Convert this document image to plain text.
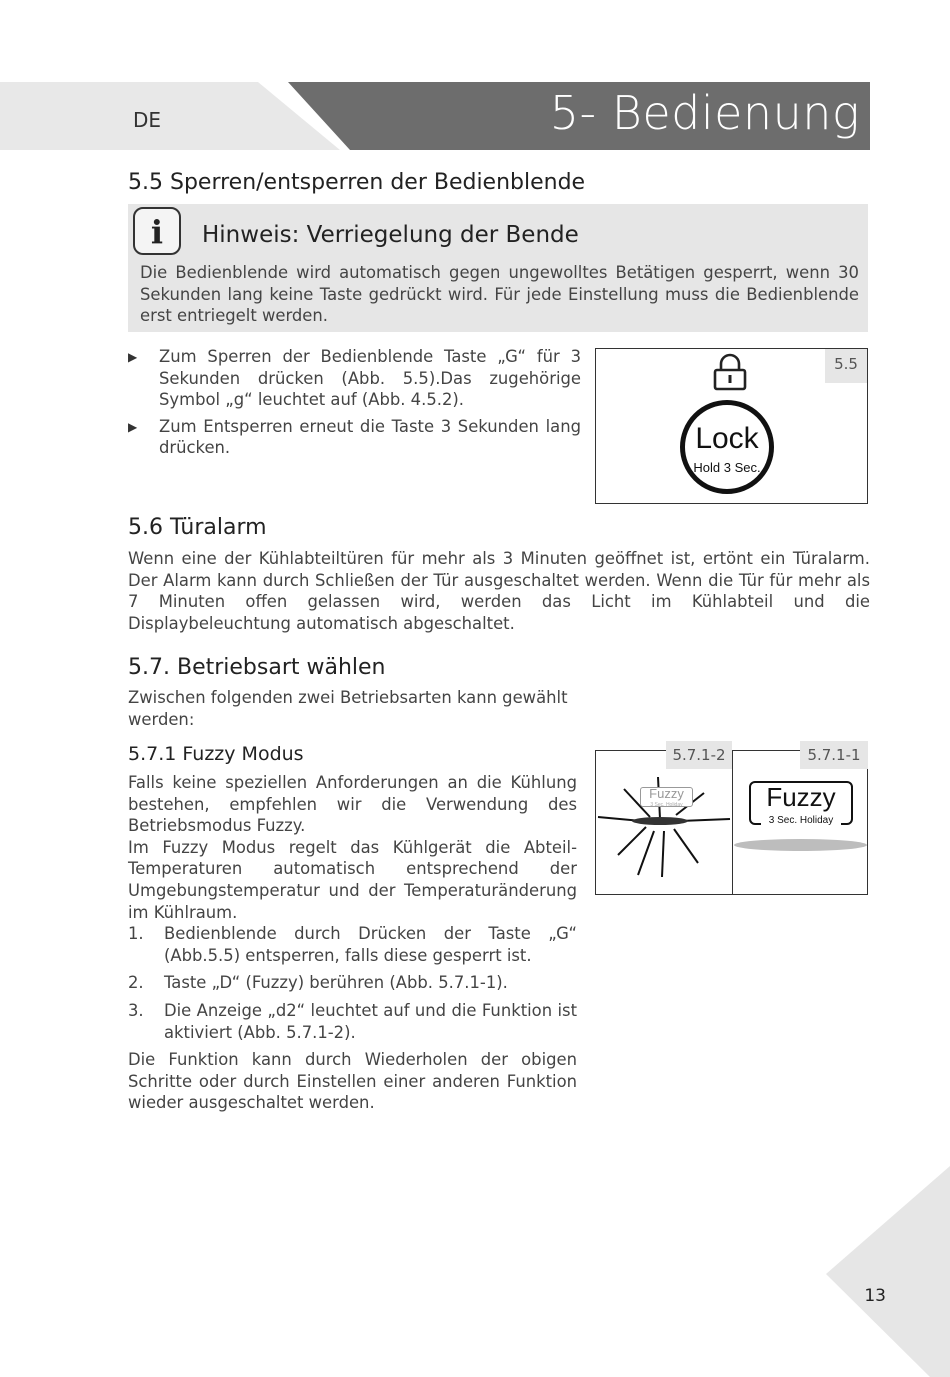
DE	5- Bedienung
5.5 Sperren/entsperren der Bedienblende
i	Hinweis: Verriegelung der Bende
Die Bedienblende wird automatisch gegen ungewolltes Betätigen gesperrt, wenn 30 Sekunden lang keine Taste gedrückt wird. Für jede Einstellung muss die Bedienblende erst entriegelt werden.
▶ Zum Sperren der Bedienblende Taste „G“ für 3 Sekunden drücken (Abb. 5.5).Das zugehörige Symbol „g“ leuchtet auf (Abb. 4.5.2).
▶ Zum Entsperren erneut die Taste 3 Sekunden lang drücken.
5.5
Lock
Hold 3 Sec.
5.6 Türalarm
Wenn eine der Kühlabteiltüren für mehr als 3 Minuten geöffnet ist, ertönt ein Türalarm. Der Alarm kann durch Schließen der Tür ausgeschaltet werden. Wenn die Tür für mehr als 7 Minuten offen gelassen wird, werden das Licht im Kühlabteil und die Displaybeleuchtung automatisch abgeschaltet.
5.7. Betriebsart wählen
Zwischen folgenden zwei Betriebsarten kann gewählt werden:
5.7.1 Fuzzy Modus
Falls keine speziellen Anforderungen an die Kühlung bestehen, empfehlen wir die Verwendung des Betriebsmodus Fuzzy.
Im Fuzzy Modus regelt das Kühlgerät die Abteil-Temperaturen automatisch entsprechend der Umgebungstemperatur und der Temperaturänderung im Kühlraum.
1. Bedienblende durch Drücken der Taste „G“ (Abb.5.5) entsperren, falls diese gesperrt ist.
2. Taste „D“ (Fuzzy) berühren (Abb. 5.7.1-1).
3. Die Anzeige „d2“ leuchtet auf und die Funktion ist aktiviert (Abb. 5.7.1-2).
Die Funktion kann durch Wiederholen der obigen Schritte oder durch Einstellen einer anderen Funktion wieder ausgeschaltet werden.
5.7.1-2
Fuzzy
3 Sec. Holiday
5.7.1-1
Fuzzy
3 Sec. Holiday
13
